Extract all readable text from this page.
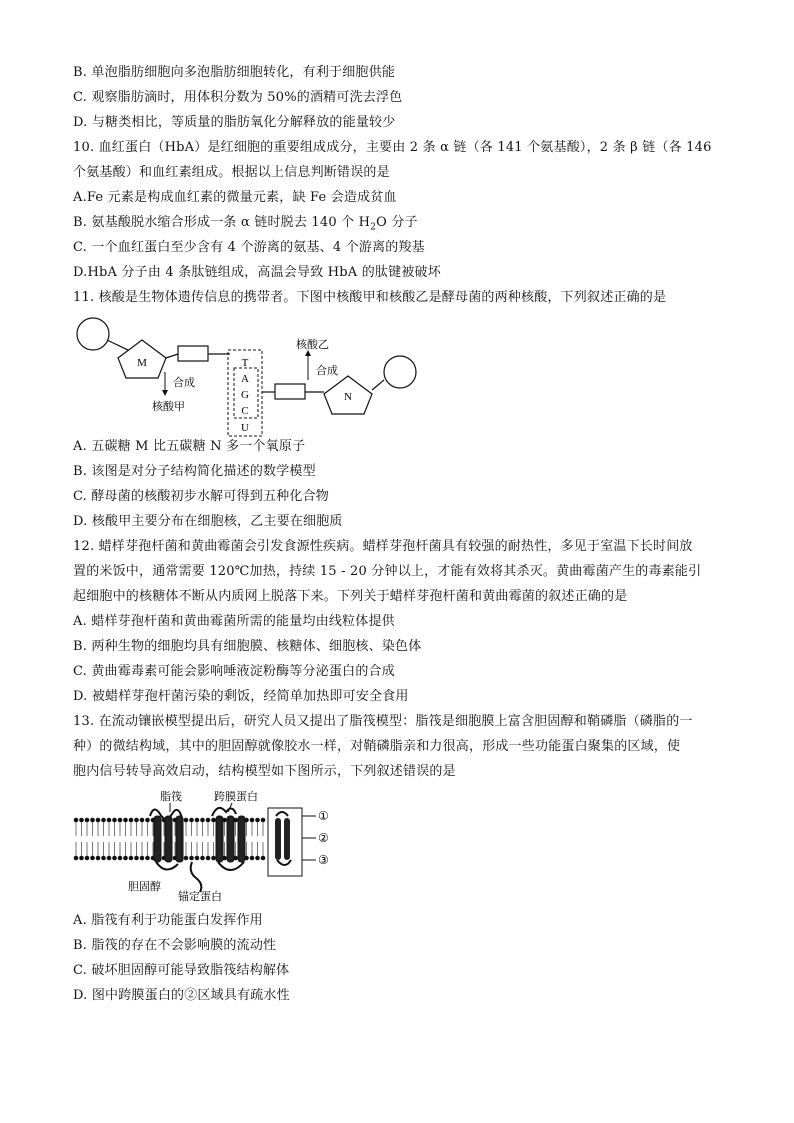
B. 单泡脂肪细胞向多泡脂肪细胞转化，有利于细胞供能
C. 观察脂肪滴时，用体积分数为 50%的酒精可洗去浮色
D. 与糖类相比，等质量的脂肪氧化分解释放的能量较少
10. 血红蛋白（HbA）是红细胞的重要组成成分，主要由 2 条 α 链（各 141 个氨基酸），2 条 β 链（各 146
个氨基酸）和血红素组成。根据以上信息判断错误的是
A.Fe 元素是构成血红素的微量元素，缺 Fe 会造成贫血
B. 氨基酸脱水缩合形成一条 α 链时脱去 140 个 $H_2O$ 分子
C. 一个血红蛋白至少含有 4 个游离的氨基、4 个游离的羧基
D.HbA 分子由 4 条肽链组成，高温会导致 HbA 的肽键被破坏
11. 核酸是生物体遗传信息的携带者。下图中核酸甲和核酸乙是酵母菌的两种核酸，下列叙述正确的是
M
合成
核酸甲
T
A
G
C
U
N
合成
核酸乙
A. 五碳糖 M 比五碳糖 N 多一个氧原子
B. 该图是对分子结构简化描述的数学模型
C. 酵母菌的核酸初步水解可得到五种化合物
D. 核酸甲主要分布在细胞核，乙主要在细胞质
12. 蜡样芽孢杆菌和黄曲霉菌会引发食源性疾病。蜡样芽孢杆菌具有较强的耐热性，多见于室温下长时间放
置的米饭中，通常需要 120℃加热，持续 15 - 20 分钟以上，才能有效将其杀灭。黄曲霉菌产生的毒素能引
起细胞中的核糖体不断从内质网上脱落下来。下列关于蜡样芽孢杆菌和黄曲霉菌的叙述正确的是
A. 蜡样芽孢杆菌和黄曲霉菌所需的能量均由线粒体提供
B. 两种生物的细胞均具有细胞膜、核糖体、细胞核、染色体
C. 黄曲霉毒素可能会影响唾液淀粉酶等分泌蛋白的合成
D. 被蜡样芽孢杆菌污染的剩饭，经简单加热即可安全食用
13. 在流动镶嵌模型提出后，研究人员又提出了脂筏模型：脂筏是细胞膜上富含胆固醇和鞘磷脂（磷脂的一
种）的微结构域，其中的胆固醇就像胶水一样，对鞘磷脂亲和力很高，形成一些功能蛋白聚集的区域，使
胞内信号转导高效启动，结构模型如下图所示，下列叙述错误的是
脂筏	跨膜蛋白
胆固醇
锚定蛋白
①
②
③
A. 脂筏有利于功能蛋白发挥作用
B. 脂筏的存在不会影响膜的流动性
C. 破坏胆固醇可能导致脂筏结构解体
D. 图中跨膜蛋白的②区域具有疏水性
